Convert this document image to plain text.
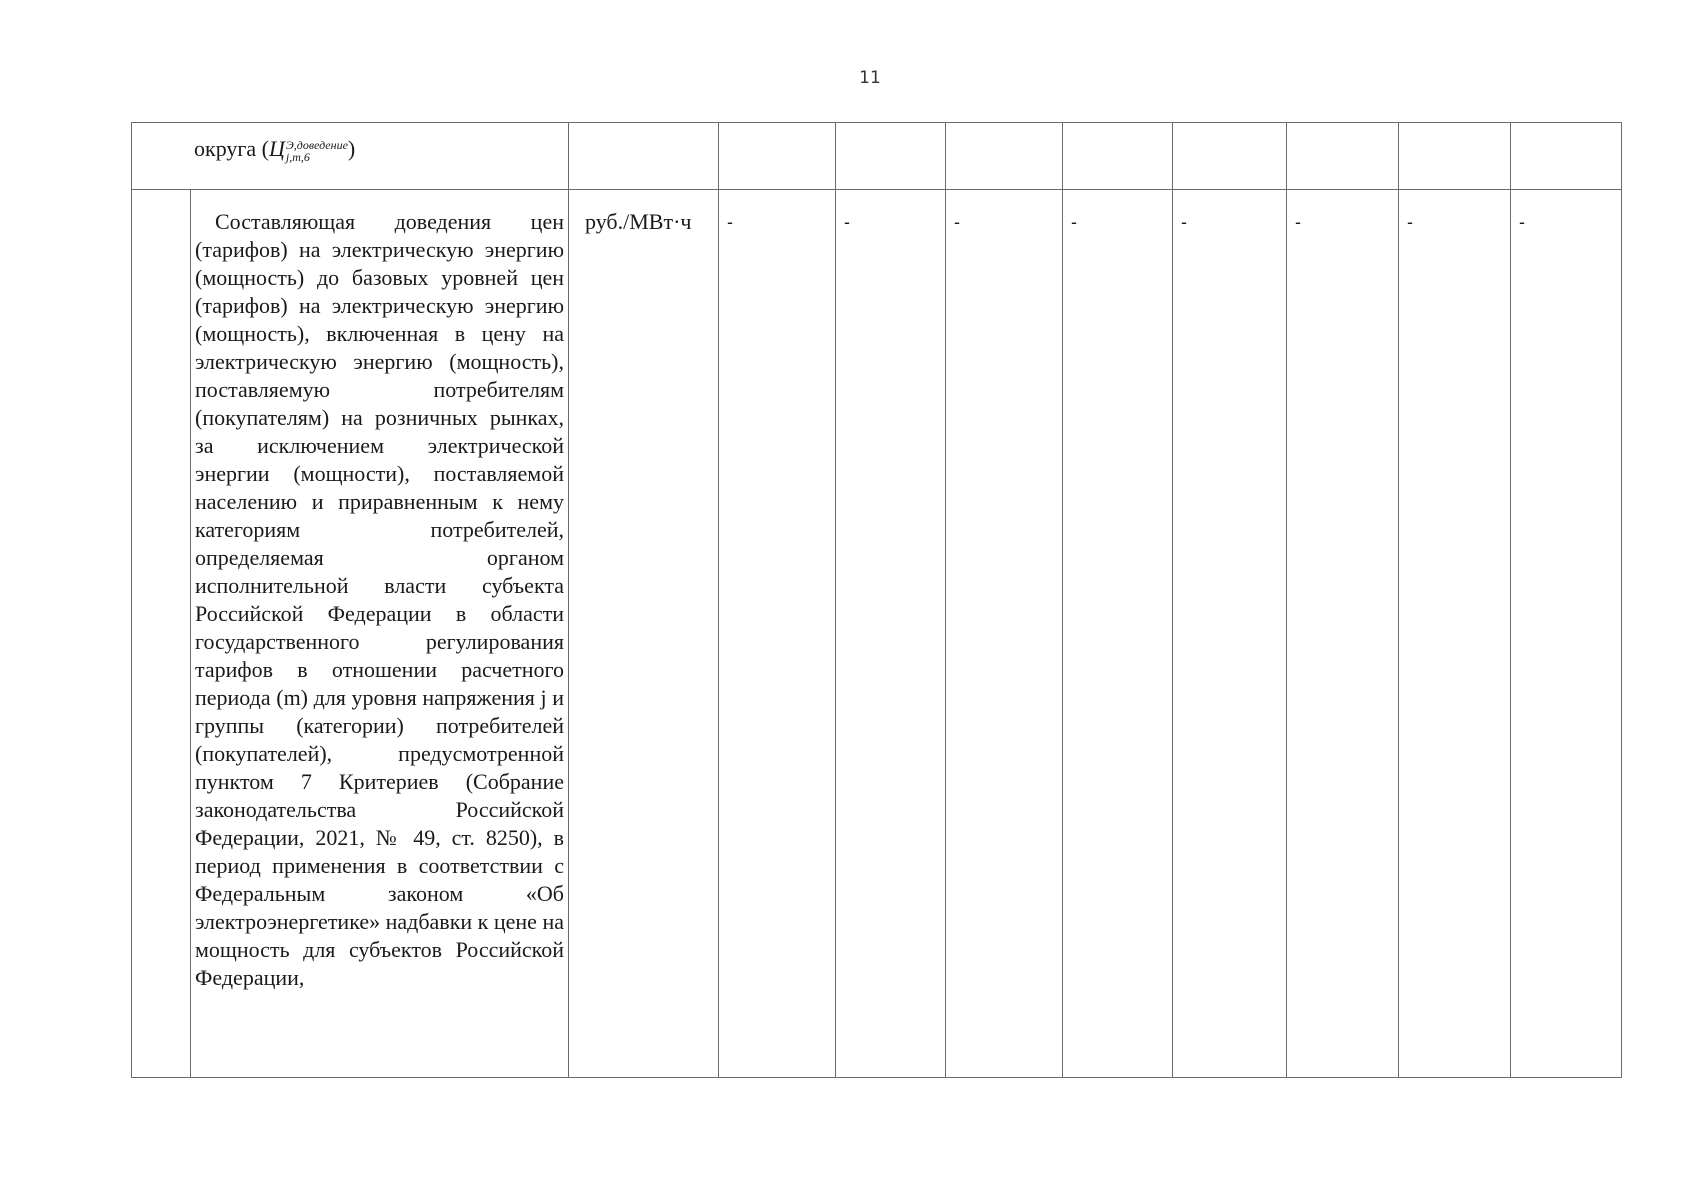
11
округа (Ц Э,доведение
j,m,6 )										

	Составляющая доведения цен (тарифов) на электрическую энергию (мощность) до базовых уровней цен (тарифов) на электрическую энергию (мощность), включенная в цену на электрическую энергию (мощность), поставляемую потребителям (покупателям) на розничных рынках, за исключением электрической энергии (мощности), поставляемой населению и приравненным к нему категориям потребителей, определяемая органом исполнительной власти субъекта Российской Федерации в области государственного регулирования тарифов в отношении расчетного периода (m) для уровня напряжения j и группы (категории) потребителей (покупателей), предусмотренной пунктом 7 Критериев (Собрание законодательства Российской Федерации, 2021, № 49, ст. 8250), в период применения в соответствии с Федеральным законом «Об электроэнергетике» надбавки к цене на мощность для субъектов Российской Федерации,	руб./МВт·ч	-	-	-	-	-	-	-	-
